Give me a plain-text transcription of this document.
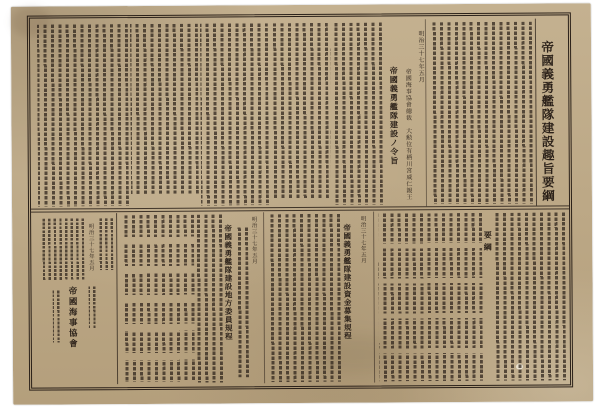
帝國義勇艦隊建設趣旨要綱
明治三十七年五月
帝國海事協會總裁　大勲位有栖川宮威仁親王
帝國義勇艦隊建設ノ令旨
要綱
明治三十七年五月
帝國義勇艦隊建設資金募集規程
明治三十七年五月
帝國義勇艦隊建設地方委員規程
明治三十七年五月
帝國海事協會
